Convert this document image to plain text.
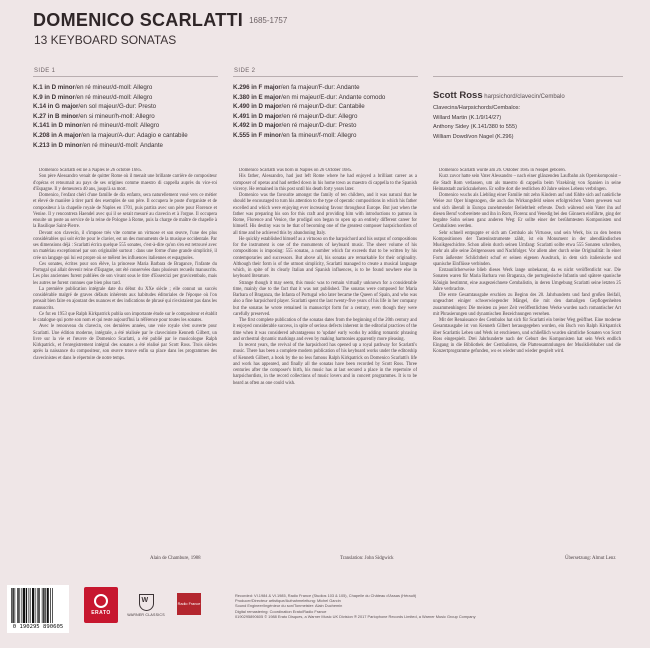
DOMENICO SCARLATTI 1685-1757
13 KEYBOARD SONATAS
SIDE 1	SIDE 2
K.1 in D minor/en ré mineur/d-moll: Allegro
K.9 in D minor/en ré mineur/d-moll: Allegro
K.14 in G major/en sol majeur/G-dur: Presto
K.27 in B minor/en si mineur/h-moll: Allegro
K.141 in D minor/en ré mineur/d-moll: Allegro
K.208 in A major/en la majeur/A-dur: Adagio e cantabile
K.213 in D minor/en ré mineur/d-moll: Andante
K.296 in F major/en fa majeur/F-dur: Andante
K.380 in E major/en mi majeur/E-dur: Andante comodo
K.490 in D major/en ré majeur/D-dur: Cantabile
K.491 in D major/en ré majeur/D-dur: Allegro
K.492 in D major/en ré majeur/D-dur: Presto
K.555 in F minor/en fa mineur/f-moll: Allegro
Scott Ross harpsichord/clavecin/Cembalo
Clavecins/Harpsichords/Cembalos:
Willard Martin (K.1/9/14/27)
Anthony Sidey (K.141/380 to 555)
William Dowd/von Nagel (K.296)

Domenico Scarlatti est né à Naples le 26 octobre 1685.

Son père Alessandro venait de quitter Rome où il menait une brillante carrière de compositeur d'opéras et retournait au pays de ses origines comme maestro di cappella auprès du vice-roi d'Espagne. Il y demeurera 40 ans, jusqu'à sa mort.

Domenico, l'enfant chéri d'une famille de dix enfants, sera naturellement voué vers ce métier et élevé de manière à tirer parti des exemples de son père. Il occupera le poste d'organiste et de compositeur à la chapelle royale de Naples en 1701, puis partira avec son père pour Florence et Venise. Il y rencontrera Haendel avec qui il se serait mesuré au clavecin et à l'orgue. Il occupera ensuite un poste au service de la reine de Pologne à Rome, puis la charge de maître de chapelle à la Basilique Saint-Pierre.

Devant son clavecin, il s'impose très vite comme un virtuose et son œuvre, l'une des plus considérables qui soit écrite pour le clavier, est un des monuments de la musique occidentale. Par ses dimensions déjà : Scarlatti écrira quelque 555 sonates, c'est-à-dire qu'on s'en est retrouvé avec un matériau exceptionnel par son originalité surtout : dans une forme d'une grande simplicité, il crée un langage qui lui est propre où se mêlent les influences italiennes et espagnoles.

Ces sonates, écrites pour son élève, la princesse Maria Barbara de Bragance, l'infante du Portugal qui allait devenir reine d'Espagne, ont été conservées dans plusieurs recueils manuscrits. Les plus anciennes furent publiées de son vivant sous le titre d'Essercizi per gravicembalo, mais les autres ne furent connues que bien plus tard.

La première publication intégrale date du début du XXe siècle ; elle connut un succès considérable malgré de graves défauts inhérents aux habitudes éditoriales de l'époque où l'on pensait bien faire en ajoutant des nuances et des indications de phrasé qui n'existaient pas dans les manuscrits.

Ce fut en 1953 que Ralph Kirkpatrick publia son importante étude sur le compositeur et établit le catalogue qui porte son nom et qui reste aujourd'hui la référence pour toutes les sonates.

Avec le renouveau du clavecin, ces dernières années, une voie royale s'est ouverte pour Scarlatti. Une édition moderne, intégrale, a été réalisée par le claveciniste Kenneth Gilbert, un livre sur la vie et l'œuvre de Domenico Scarlatti, a été publié par le musicologue Ralph Kirkpatrick, et l'enregistrement intégral des sonates a été réalisé par Scott Ross. Trois siècles après la naissance du compositeur, son œuvre trouve enfin sa place dans les programmes des clavecinistes et dans le répertoire de notre temps.

Alain de Chambure, 1988

Domenico Scarlatti was born in Naples on 26 October 1685.

His father, Alessandro, had just left Rome where he had enjoyed a brilliant career as a composer of operas and had settled down in his home town as maestro di cappella to the Spanish viceroy. He remained in this post until his death forty years later.

Domenico was the favourite amongst the family of ten children, and it was natural that he should be encouraged to turn his attention to the type of operatic compositions in which his father excelled and which were enjoying ever increasing favour throughout Europe. But just when the father was preparing his son for this craft and providing him with introductions to patrons in Rome, Florence and Venice, the prodigal son began to open up an entirely different career for himself. His destiny was to be that of becoming one of the greatest composer harpsichordists of all time and he achieved this by abandoning Italy.

He quickly established himself as a virtuoso on the harpsichord and his output of compositions for the instrument is one of the monuments of keyboard music. The sheer volume of his compositions is imposing: 555 sonatas, a number which far exceeds that to be written by his contemporaries and successors. But above all, his sonatas are remarkable for their originality. Although their form is of the utmost simplicity, Scarlatti managed to create a musical language which, in spite of its clearly Italian and Spanish influences, is to be found nowhere else in keyboard literature.

Strange though it may seem, this music was to remain virtually unknown for a considerable time, mainly due to the fact that it was not published. The sonatas were composed for Maria Barbara of Braganza, the Infanta of Portugal who later became the Queen of Spain, and who was also a fine harpsichord player. Scarlatti spent the last twenty-five years of his life in her company but the sonatas he wrote remained in manuscript form for a century, even though they were carefully preserved.

The first complete publication of the sonatas dates from the beginning of the 20th century and it enjoyed considerable success, in spite of serious defects inherent in the editorial practices of the time when it was considered advantageous to 'update' early works by adding romantic phrasing and orchestral dynamic markings and even by making harmonies apparently more pleasing.

In recent years, the revival of the harpsichord has opened up a royal pathway for Scarlatti's music. There has been a complete modern publication of his keyboard works under the editorship of Kenneth Gilbert, a book by the no less famous Ralph Kirkpatrick on Domenico Scarlatti's life and work has appeared, and finally all the sonatas have been recorded by Scott Ross. Three centuries after the composer's birth, his music has at last secured a place in the repertoire of harpsichordists, in the record collections of music lovers and in concert programmes. It is to be heard as often as one could wish.

Translation: John Sidgwick

Domenico Scarlatti wurde am 26. Oktober 1685 in Neapel geboren.

Kurz zuvor hatte sein Vater Alessandro – nach einer glänzenden Laufbahn als Opernkomponist – die Stadt Rom verlassen, um als maestro di cappella beim Vizekönig von Spanien in seine Heimatstadt zurückzukehren. Er sollte dort die restlichen 40 Jahre seines Lebens verbringen.

Domenico wuchs als Liebling einer Familie mit zehn Kindern auf und fühlte sich auf natürliche Weise zur Oper hingezogen, die auch das Wirkungsfeld seines erfolgreichen Vaters gewesen war und sich überall in Europa zunehmender Beliebtheit erfreute. Doch während sein Vater ihn auf diesen Beruf vorbereitete und ihn in Rom, Florenz und Venedig bei den Gönnern einführte, ging der begabte Sohn seinen ganz anderen Weg: Er sollte einer der berühmtesten Komponisten und Cembalisten werden.

Sehr schnell entpuppte er sich am Cembalo als Virtuose, und sein Werk, bis zu den besten Kompositionen der Tasteninstrumente zählt, ist ein Monument in der abendländischen Musikgeschichte. Schon allein durch seinen Umfang: Scarlatti sollte etwa 555 Sonaten schreiben, mehr als alle seine Zeitgenossen und Nachfolger. Vor allem aber durch seine Originalität: In einer Form äußerster Schlichtheit schuf er seinen eigenen Ausdruck, in dem sich italienische und spanische Einflüsse verbinden.

Erstaunlicherweise blieb dieses Werk lange unbekannt, da es nicht veröffentlicht war. Die Sonaten waren für Maria Barbara von Braganza, die portugiesische Infantin und spätere spanische Königin bestimmt, eine ausgezeichnete Cembalistin, in deren Umgebung Scarlatti seine letzten 25 Jahre verbrachte.

Die erste Gesamtausgabe erschien zu Beginn des 20. Jahrhunderts und fand großen Beifall, ungeachtet einiger schwerwiegender Mängel, die mit den damaligen Gepflogenheiten zusammenhingen: Die meisten zu jener Zeit veröffentlichten Werke wurden nach romantischer Art mit Phrasierungen und dynamischen Bezeichnungen versehen.

Mit der Renaissance des Cembalos hat sich für Scarlatti ein breiter Weg geöffnet. Eine moderne Gesamtausgabe ist von Kenneth Gilbert herausgegeben worden, ein Buch von Ralph Kirkpatrick über Scarlattis Leben und Werk ist erschienen, und schließlich wurden sämtliche Sonaten von Scott Ross eingespielt. Drei Jahrhunderte nach der Geburt des Komponisten hat sein Werk endlich Eingang in die Bibliothek der Cembalisten, die Plattensammlungen der Musikliebhaber und die Konzertprogramme gefunden, wo es wieder und wieder gespielt wird.

Übersetzung: Almut Lenz
ERATO
W
WARNER CLASSICS
Radio France
Recorded: VI.1984 & VI.1985, Radio France (Studios 103 & 105), Chapelle du Château d'Assas (Hérault)
Producer/Directeur artistique/Aufnahmeleitung: Michel Garcin
Sound Engineer/Ingénieur du son/Tonmeister: Alain Duchemin
Digital remastering: Coordination Erato/Radio France
0190295890605 © 1988 Erato Disques, a Warner Music UK Division ℗ 2017 Parlophone Records Limited, a Warner Music Group Company
0 190295 890605
